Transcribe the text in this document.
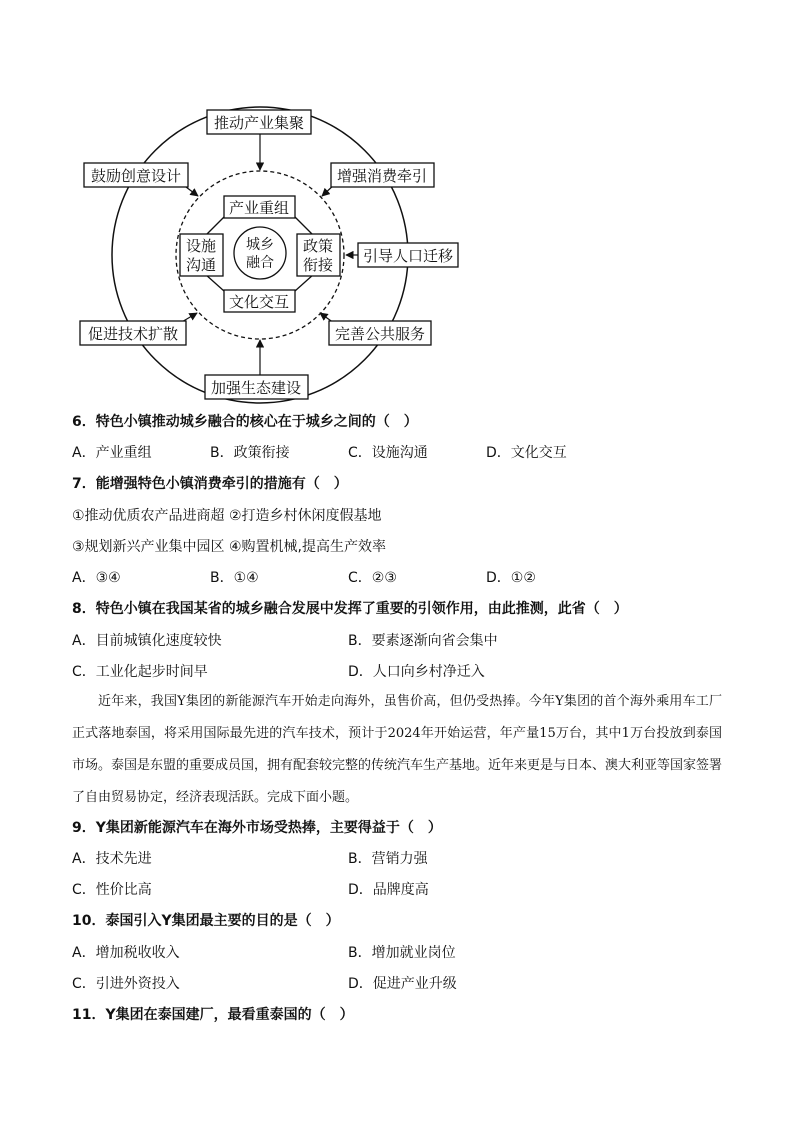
推动产业集聚
鼓励创意设计	增强消费牵引
引导人口迁移
促进技术扩散	完善公共服务
加强生态建设
产业重组
设施
沟通
政策
衔接
文化交互
城乡
融合
6．特色小镇推动城乡融合的核心在于城乡之间的（　）
A．产业重组	B．政策衔接	C．设施沟通	D．文化交互
7．能增强特色小镇消费牵引的措施有（　）
①推动优质农产品进商超 ②打造乡村休闲度假基地
③规划新兴产业集中园区 ④购置机械,提高生产效率
A．③④	B．①④	C．②③	D．①②
8．特色小镇在我国某省的城乡融合发展中发挥了重要的引领作用，由此推测，此省（　）
A．目前城镇化速度较快	B．要素逐渐向省会集中
C．工业化起步时间早	D．人口向乡村净迁入
近年来，我国Y集团的新能源汽车开始走向海外，虽售价高，但仍受热捧。今年Y集团的首个海外乘用车工厂正式落地泰国，将采用国际最先进的汽车技术，预计于2024年开始运营，年产量15万台，其中1万台投放到泰国市场。泰国是东盟的重要成员国，拥有配套较完整的传统汽车生产基地。近年来更是与日本、澳大利亚等国家签署了自由贸易协定，经济表现活跃。完成下面小题。
9．Y集团新能源汽车在海外市场受热捧，主要得益于（　）
A．技术先进	B．营销力强
C．性价比高	D．品牌度高
10．泰国引入Y集团最主要的目的是（　）
A．增加税收收入	B．增加就业岗位
C．引进外资投入	D．促进产业升级
11．Y集团在泰国建厂，最看重泰国的（　）
